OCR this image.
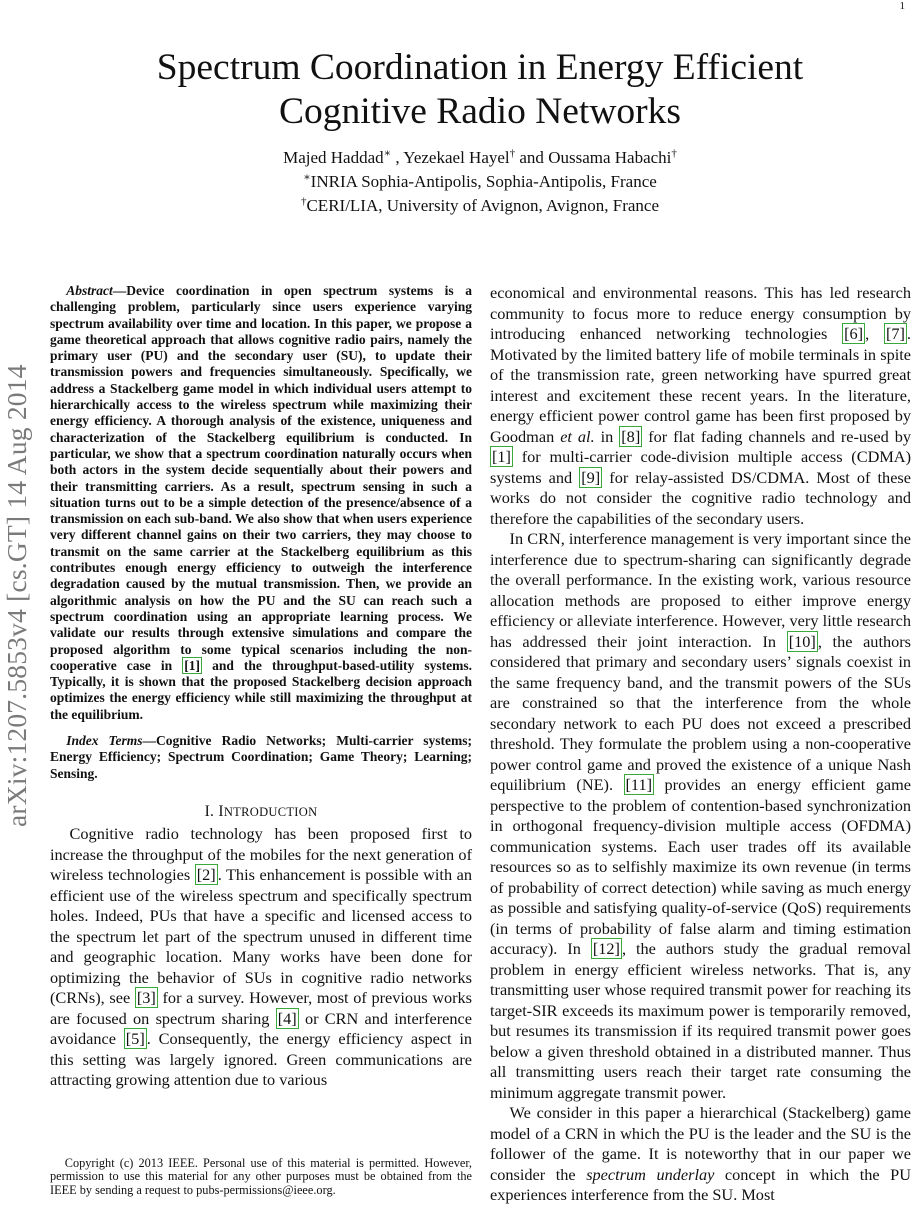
1
arXiv:1207.5853v4 [cs.GT] 14 Aug 2014
Spectrum Coordination in Energy Efficient
Cognitive Radio Networks
Majed Haddad∗ , Yezekael Hayel† and Oussama Habachi†
∗INRIA Sophia-Antipolis, Sophia-Antipolis, France
†CERI/LIA, University of Avignon, Avignon, France

Abstract—Device coordination in open spectrum systems is a challenging problem, particularly since users experience varying spectrum availability over time and location. In this paper, we propose a game theoretical approach that allows cognitive radio pairs, namely the primary user (PU) and the secondary user (SU), to update their transmission powers and frequencies simultaneously. Specifically, we address a Stackelberg game model in which individual users attempt to hierarchically access to the wireless spectrum while maximizing their energy efficiency. A thorough analysis of the existence, uniqueness and characterization of the Stackelberg equilibrium is conducted. In particular, we show that a spectrum coordination naturally occurs when both actors in the system decide sequentially about their powers and their transmitting carriers. As a result, spectrum sensing in such a situation turns out to be a simple detection of the presence/absence of a transmission on each sub-band. We also show that when users experience very different channel gains on their two carriers, they may choose to transmit on the same carrier at the Stackelberg equilibrium as this contributes enough energy efficiency to outweigh the interference degradation caused by the mutual transmission. Then, we provide an algorithmic analysis on how the PU and the SU can reach such a spectrum coordination using an appropriate learning process. We validate our results through extensive simulations and compare the proposed algorithm to some typical scenarios including the non-cooperative case in [1] and the throughput-based-utility systems. Typically, it is shown that the proposed Stackelberg decision approach optimizes the energy efficiency while still maximizing the throughput at the equilibrium.

Index Terms—Cognitive Radio Networks; Multi-carrier systems; Energy Efficiency; Spectrum Coordination; Game Theory; Learning; Sensing.

I. INTRODUCTION

Cognitive radio technology has been proposed first to increase the throughput of the mobiles for the next generation of wireless technologies [2] . This enhancement is possible with an efficient use of the wireless spectrum and specifically spectrum holes. Indeed, PUs that have a specific and licensed access to the spectrum let part of the spectrum unused in different time and geographic location. Many works have been done for optimizing the behavior of SUs in cognitive radio networks (CRNs), see [3] for a survey. However, most of previous works are focused on spectrum sharing [4] or CRN and interference avoidance [5] . Consequently, the energy efficiency aspect in this setting was largely ignored. Green communications are attracting growing attention due to various

Copyright (c) 2013 IEEE. Personal use of this material is permitted. However, permission to use this material for any other purposes must be obtained from the IEEE by sending a request to pubs-permissions@ieee.org.

economical and environmental reasons. This has led research community to focus more to reduce energy consumption by introducing enhanced networking technologies [6] , [7] . Motivated by the limited battery life of mobile terminals in spite of the transmission rate, green networking have spurred great interest and excitement these recent years. In the literature, energy efficient power control game has been first proposed by Goodman et al. in [8] for flat fading channels and re-used by [1] for multi-carrier code-division multiple access (CDMA) systems and [9] for relay-assisted DS/CDMA. Most of these works do not consider the cognitive radio technology and therefore the capabilities of the secondary users.

In CRN, interference management is very important since the interference due to spectrum-sharing can significantly degrade the overall performance. In the existing work, various resource allocation methods are proposed to either improve energy efficiency or alleviate interference. However, very little research has addressed their joint interaction. In [10] , the authors considered that primary and secondary users’ signals coexist in the same frequency band, and the transmit powers of the SUs are constrained so that the interference from the whole secondary network to each PU does not exceed a prescribed threshold. They formulate the problem using a non-cooperative power control game and proved the existence of a unique Nash equilibrium (NE). [11] provides an energy efficient game perspective to the problem of contention-based synchronization in orthogonal frequency-division multiple access (OFDMA) communication systems. Each user trades off its available resources so as to selfishly maximize its own revenue (in terms of probability of correct detection) while saving as much energy as possible and satisfying quality-of-service (QoS) requirements (in terms of probability of false alarm and timing estimation accuracy). In [12] , the authors study the gradual removal problem in energy efficient wireless networks. That is, any transmitting user whose required transmit power for reaching its target-SIR exceeds its maximum power is temporarily removed, but resumes its transmission if its required transmit power goes below a given threshold obtained in a distributed manner. Thus all transmitting users reach their target rate consuming the minimum aggregate transmit power.

We consider in this paper a hierarchical (Stackelberg) game model of a CRN in which the PU is the leader and the SU is the follower of the game. It is noteworthy that in our paper we consider the spectrum underlay concept in which the PU experiences interference from the SU. Most
